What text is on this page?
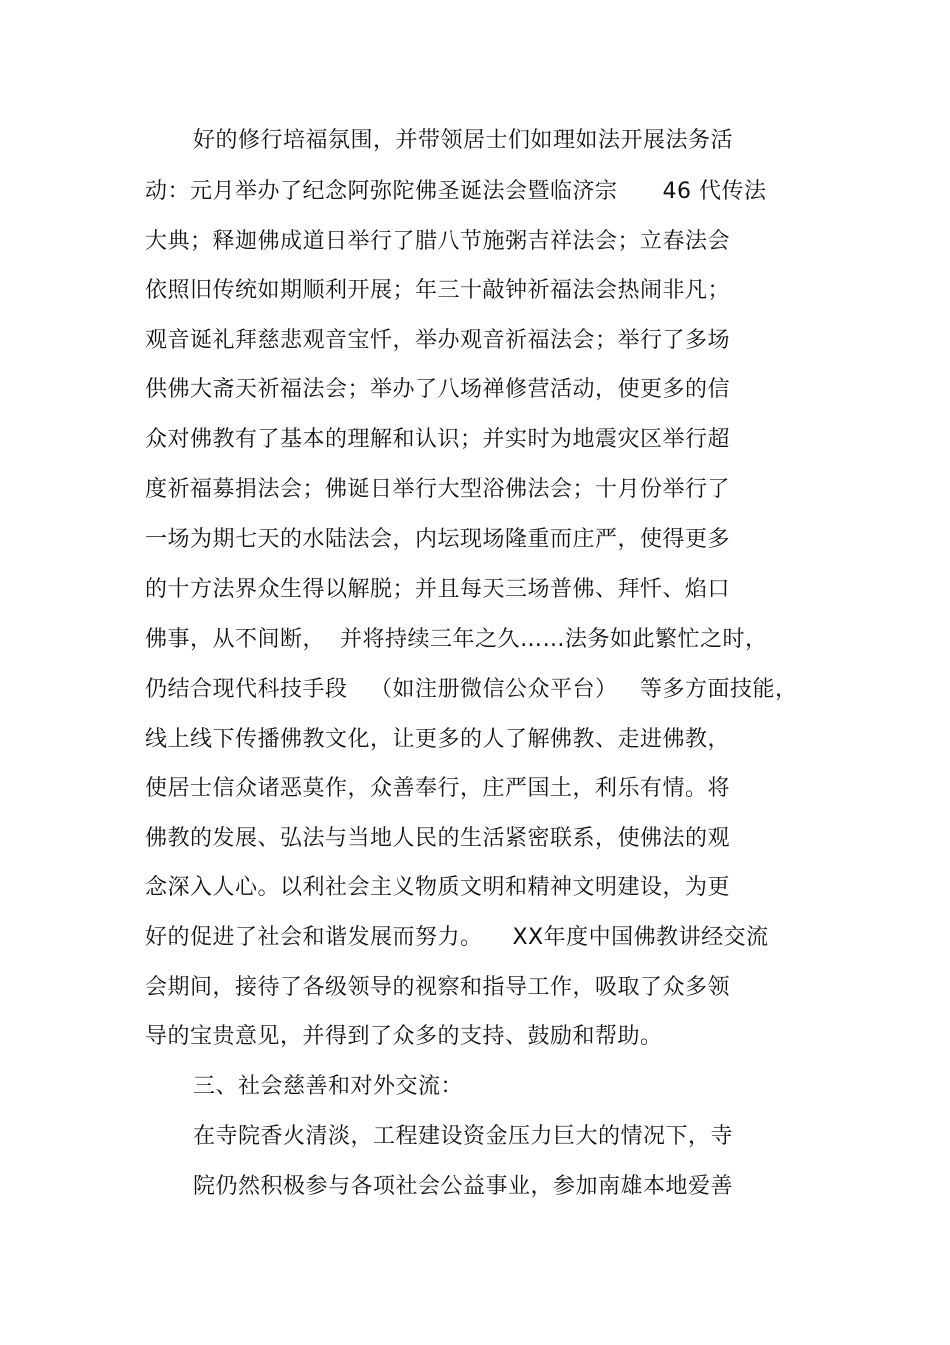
好的修行培福氛围，并带领居士们如理如法开展法务活
动：元月举办了纪念阿弥陀佛圣诞法会暨临济宗      46 代传法
大典；释迦佛成道日举行了腊八节施粥吉祥法会；立春法会
依照旧传统如期顺利开展；年三十敲钟祈福法会热闹非凡；
观音诞礼拜慈悲观音宝忏，举办观音祈福法会；举行了多场
供佛大斋天祈福法会；举办了八场禅修营活动，使更多的信
众对佛教有了基本的理解和认识；并实时为地震灾区举行超
度祈福募捐法会；佛诞日举行大型浴佛法会；十月份举行了
一场为期七天的水陆法会，内坛现场隆重而庄严，使得更多
的十方法界众生得以解脱；并且每天三场普佛、拜忏、焰口
佛事，从不间断，  并将持续三年之久……法务如此繁忙之时，
仍结合现代科技手段   （如注册微信公众平台）   等多方面技能，
线上线下传播佛教文化，让更多的人了解佛教、走进佛教，
使居士信众诸恶莫作，众善奉行，庄严国土，利乐有情。将
佛教的发展、弘法与当地人民的生活紧密联系，使佛法的观
念深入人心。以利社会主义物质文明和精神文明建设，为更
好的促进了社会和谐发展而努力。    XX年度中国佛教讲经交流
会期间，接待了各级领导的视察和指导工作，吸取了众多领
导的宝贵意见，并得到了众多的支持、鼓励和帮助。
三、社会慈善和对外交流：
在寺院香火清淡，工程建设资金压力巨大的情况下，寺
院仍然积极参与各项社会公益事业，参加南雄本地爱善
